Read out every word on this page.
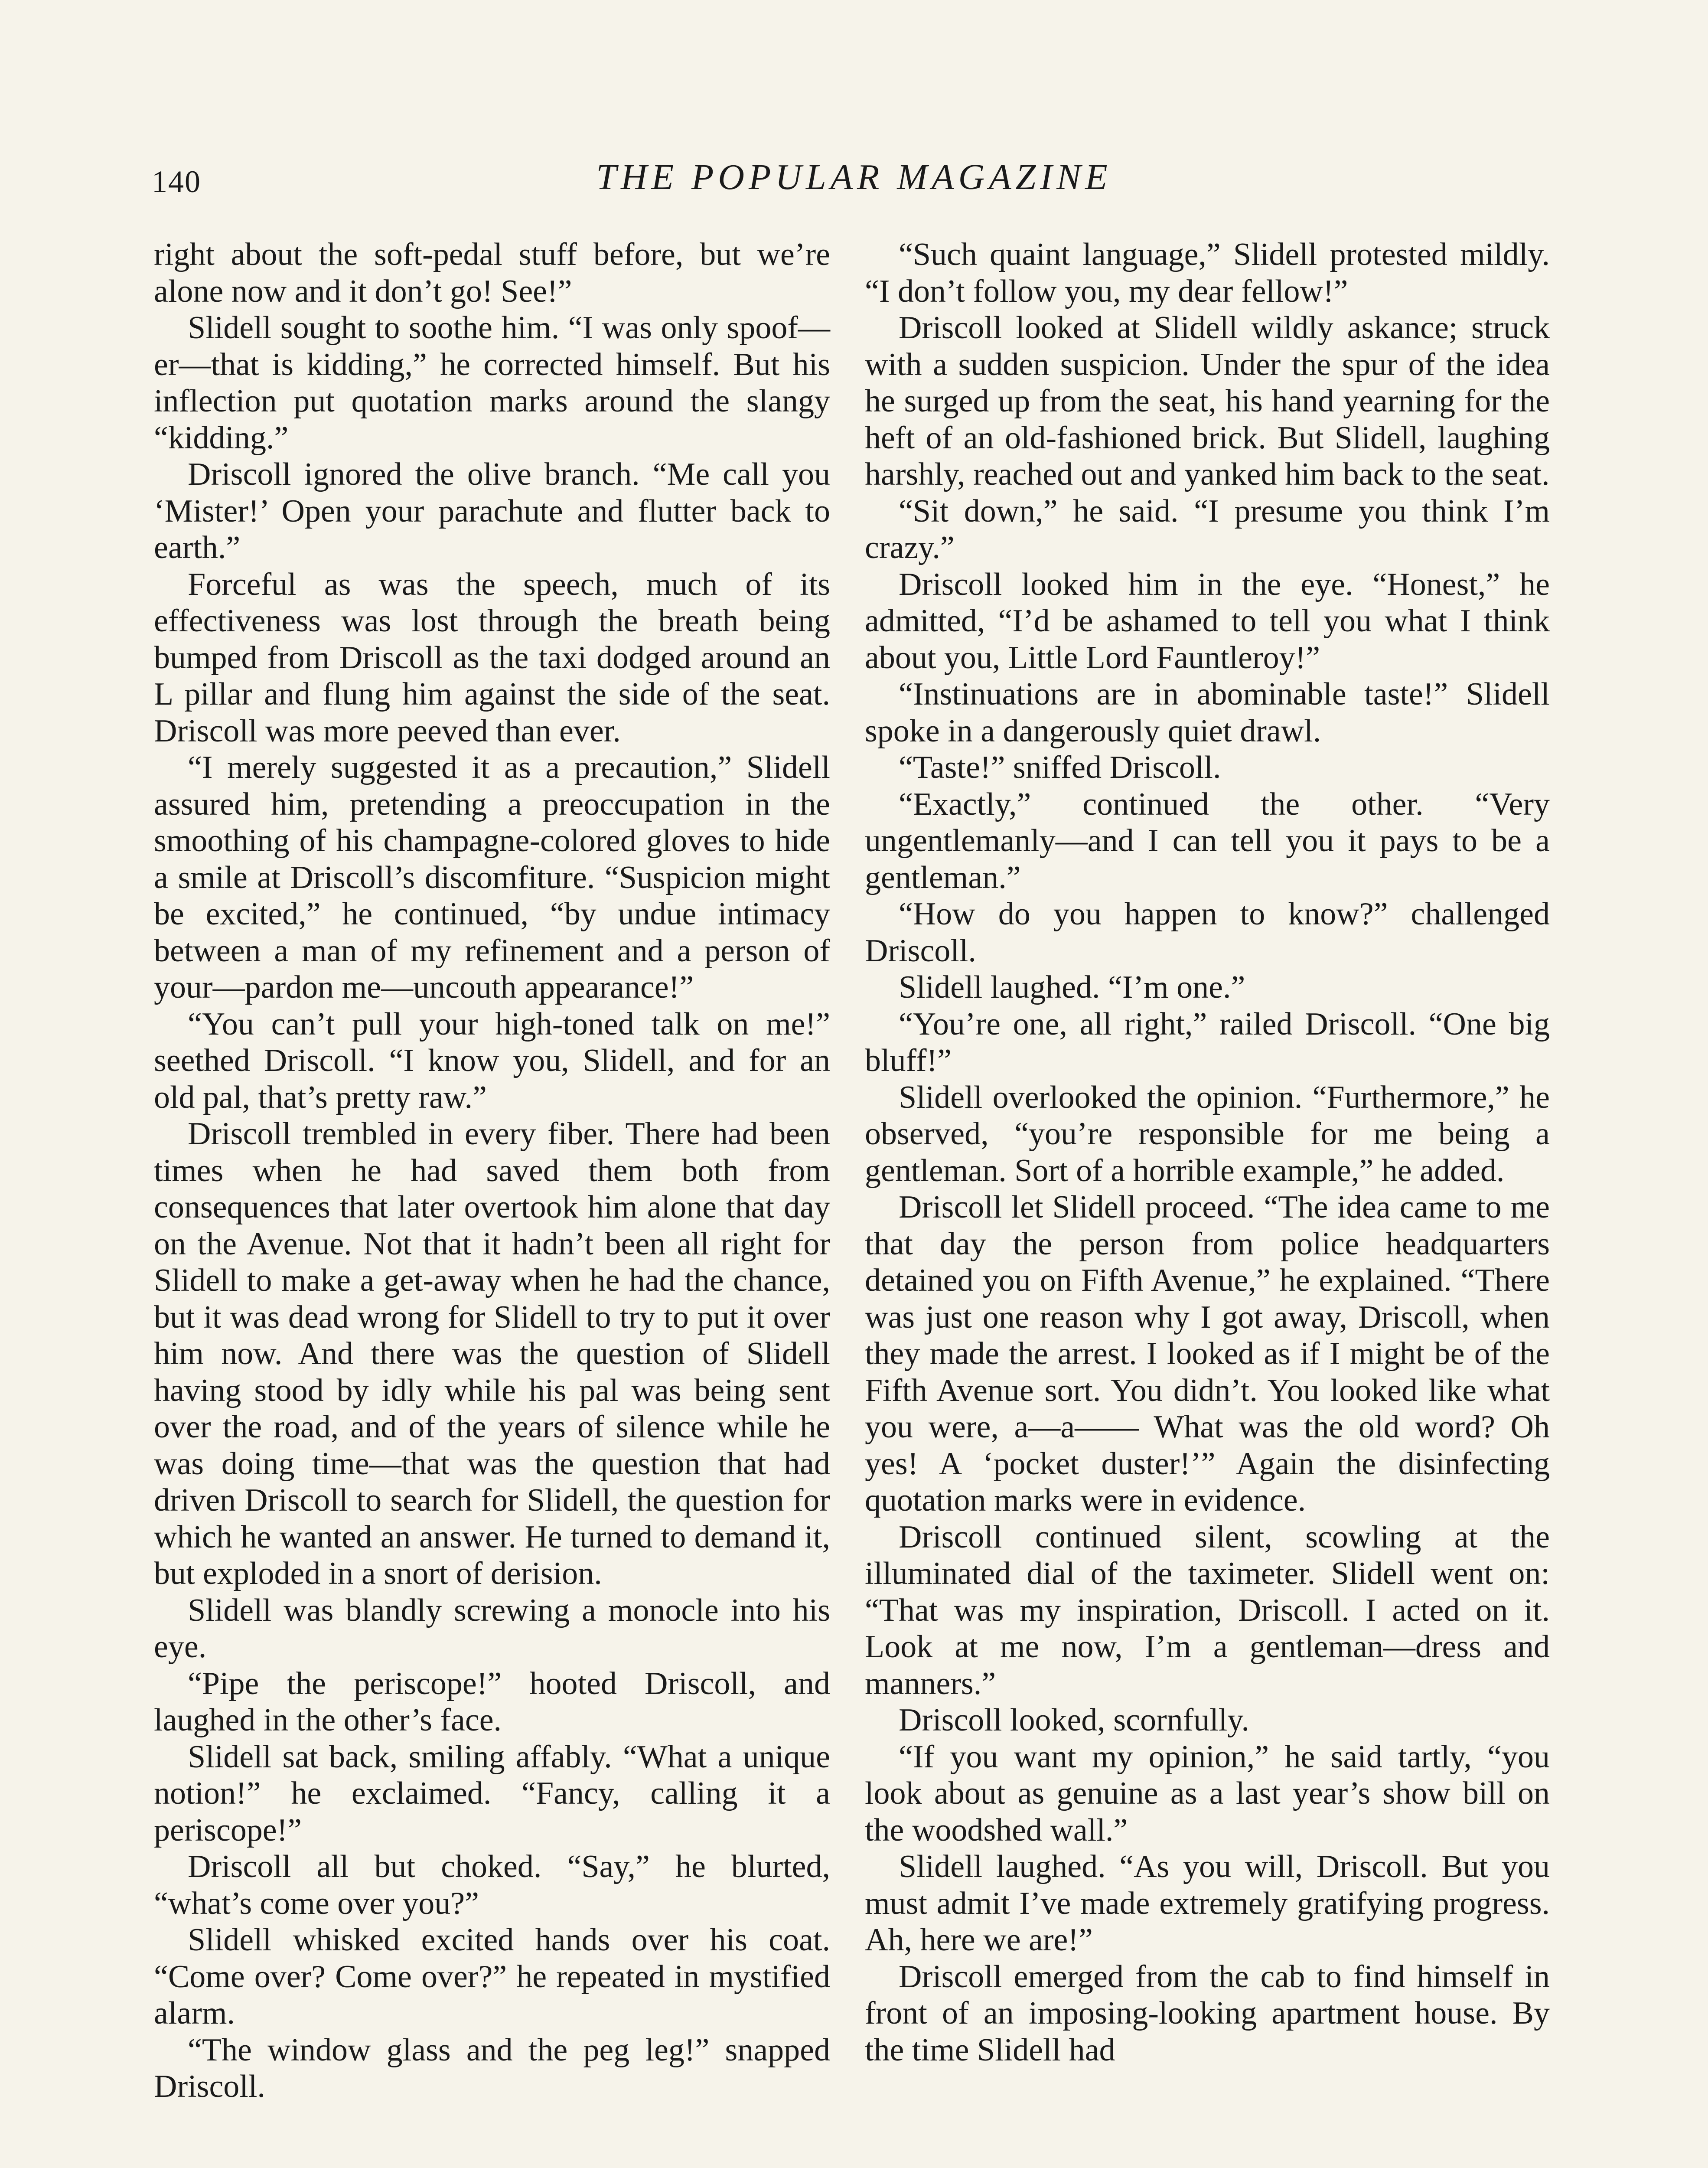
140	THE POPULAR MAGAZINE

right about the soft-pedal stuff before, but we’re alone now and it don’t go! See!”

Slidell sought to soothe him. “I was only spoof—er—that is kidding,” he corrected himself. But his inflection put quotation marks around the slangy “kidding.”

Driscoll ignored the olive branch. “Me call you ‘Mister!’ Open your parachute and flutter back to earth.”

Forceful as was the speech, much of its effectiveness was lost through the breath being bumped from Driscoll as the taxi dodged around an L pillar and flung him against the side of the seat. Driscoll was more peeved than ever.

“I merely suggested it as a precaution,” Slidell assured him, pretending a preoccupation in the smoothing of his champagne-colored gloves to hide a smile at Driscoll’s discomfiture. “Suspicion might be excited,” he continued, “by undue intimacy between a man of my refinement and a person of your—pardon me—uncouth appearance!”

“You can’t pull your high-toned talk on me!” seethed Driscoll. “I know you, Slidell, and for an old pal, that’s pretty raw.”

Driscoll trembled in every fiber. There had been times when he had saved them both from consequences that later overtook him alone that day on the Avenue. Not that it hadn’t been all right for Slidell to make a get-away when he had the chance, but it was dead wrong for Slidell to try to put it over him now. And there was the question of Slidell having stood by idly while his pal was being sent over the road, and of the years of silence while he was doing time—that was the question that had driven Driscoll to search for Slidell, the question for which he wanted an answer. He turned to demand it, but exploded in a snort of derision.

Slidell was blandly screwing a monocle into his eye.

“Pipe the periscope!” hooted Driscoll, and laughed in the other’s face.

Slidell sat back, smiling affably. “What a unique notion!” he exclaimed. “Fancy, calling it a periscope!”

Driscoll all but choked. “Say,” he blurted, “what’s come over you?”

Slidell whisked excited hands over his coat. “Come over? Come over?” he repeated in mystified alarm.

“The window glass and the peg leg!” snapped Driscoll.

“Such quaint language,” Slidell protested mildly. “I don’t follow you, my dear fellow!”

Driscoll looked at Slidell wildly askance; struck with a sudden suspicion. Under the spur of the idea he surged up from the seat, his hand yearning for the heft of an old-fashioned brick. But Slidell, laughing harshly, reached out and yanked him back to the seat.

“Sit down,” he said. “I presume you think I’m crazy.”

Driscoll looked him in the eye. “Honest,” he admitted, “I’d be ashamed to tell you what I think about you, Little Lord Fauntleroy!”

“Instinuations are in abominable taste!” Slidell spoke in a dangerously quiet drawl.

“Taste!” sniffed Driscoll.

“Exactly,” continued the other. “Very ungentlemanly—and I can tell you it pays to be a gentleman.”

“How do you happen to know?” challenged Driscoll.

Slidell laughed. “I’m one.”

“You’re one, all right,” railed Driscoll. “One big bluff!”

Slidell overlooked the opinion. “Furthermore,” he observed, “you’re responsible for me being a gentleman. Sort of a horrible example,” he added.

Driscoll let Slidell proceed. “The idea came to me that day the person from police headquarters detained you on Fifth Avenue,” he explained. “There was just one reason why I got away, Driscoll, when they made the arrest. I looked as if I might be of the Fifth Avenue sort. You didn’t. You looked like what you were, a—a—— What was the old word? Oh yes! A ‘pocket duster!’” Again the disinfecting quotation marks were in evidence.

Driscoll continued silent, scowling at the illuminated dial of the taximeter. Slidell went on: “That was my inspiration, Driscoll. I acted on it. Look at me now, I’m a gentleman—dress and manners.”

Driscoll looked, scornfully.

“If you want my opinion,” he said tartly, “you look about as genuine as a last year’s show bill on the woodshed wall.”

Slidell laughed. “As you will, Driscoll. But you must admit I’ve made extremely gratifying progress. Ah, here we are!”

Driscoll emerged from the cab to find himself in front of an imposing-looking apartment house. By the time Slidell had
